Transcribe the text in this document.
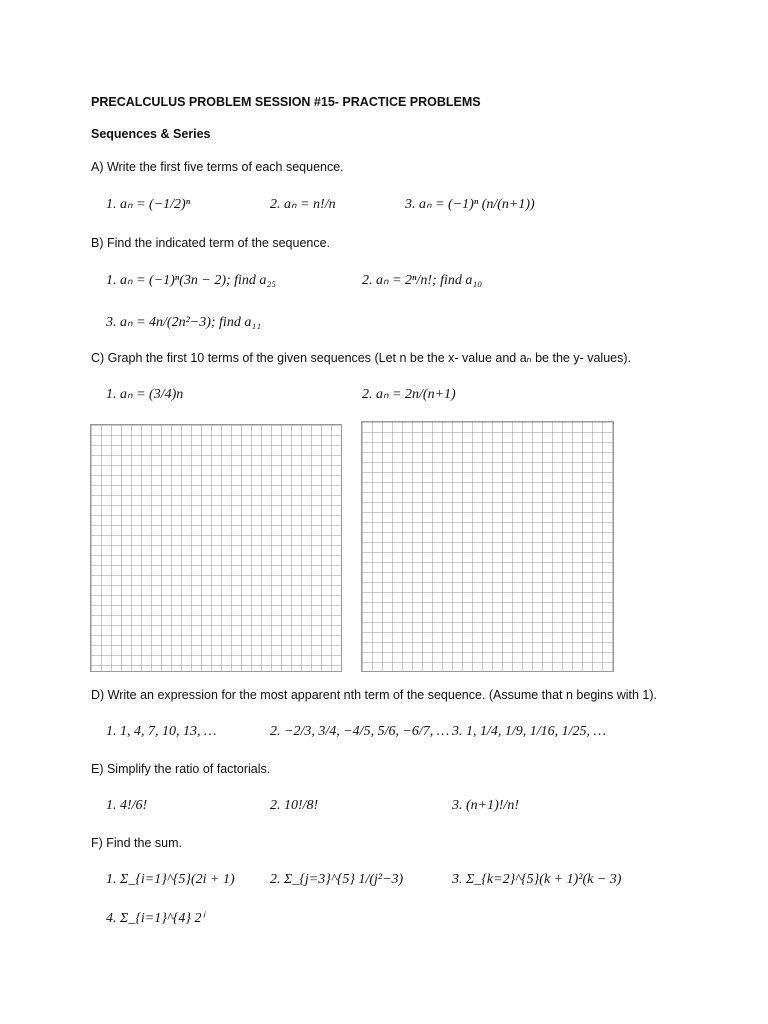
PRECALCULUS PROBLEM SESSION #15- PRACTICE PROBLEMS
Sequences & Series
A) Write the first five terms of each sequence.
1. aₙ = (−1/2)ⁿ	2. aₙ = n!/n	3. aₙ = (−1)ⁿ (n/(n+1))
B) Find the indicated term of the sequence.
1. aₙ = (−1)ⁿ(3n − 2); find a₂₅	2. aₙ = 2ⁿ/n!; find a₁₀
3. aₙ = 4n/(2n²−3); find a₁₁
C) Graph the first 10 terms of the given sequences (Let n be the x- value and aₙ be the y- values).
1. aₙ = (3/4)n	2. aₙ = 2n/(n+1)
D) Write an expression for the most apparent nth term of the sequence. (Assume that n begins with 1).
1. 1, 4, 7, 10, 13, …	2. −2/3, 3/4, −4/5, 5/6, −6/7, … 3. 1, 1/4, 1/9, 1/16, 1/25, …
E) Simplify the ratio of factorials.
1. 4!/6!	2. 10!/8!	3. (n+1)!/n!
F) Find the sum.
1. Σ_{i=1}^{5}(2i + 1)	2. Σ_{j=3}^{5} 1/(j²−3)	3. Σ_{k=2}^{5}(k + 1)²(k − 3)
4. Σ_{i=1}^{4} 2ⁱ
